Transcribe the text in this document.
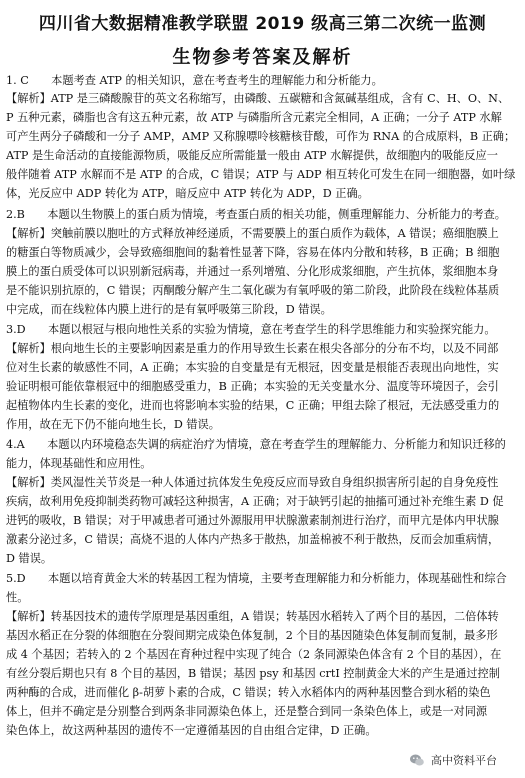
四川省大数据精准教学联盟 2019 级高三第二次统一监测
生物参考答案及解析
1. C　　本题考查 ATP 的相关知识，意在考查考生的理解能力和分析能力。
【解析】ATP 是三磷酸腺苷的英文名称缩写，由磷酸、五碳糖和含氮碱基组成，含有 C、H、O、N、
P 五种元素，磷脂也含有这五种元素，故 ATP 与磷脂所含元素完全相同，A 正确；一分子 ATP 水解
可产生两分子磷酸和一分子 AMP，AMP 又称腺嘌呤核糖核苷酸，可作为 RNA 的合成原料，B 正确；
ATP 是生命活动的直接能源物质，吸能反应所需能量一般由 ATP 水解提供，故细胞内的吸能反应一
般伴随着 ATP 水解而不是 ATP 的合成，C 错误；ATP 与 ADP 相互转化可发生在同一细胞器，如叶绿
体，光反应中 ADP 转化为 ATP，暗反应中 ATP 转化为 ADP，D 正确。
2.B　　本题以生物膜上的蛋白质为情境，考查蛋白质的相关功能，侧重理解能力、分析能力的考查。
【解析】突触前膜以胞吐的方式释放神经递质，不需要膜上的蛋白质作为载体，A 错误；癌细胞膜上
的糖蛋白等物质减少，会导致癌细胞间的黏着性显著下降，容易在体内分散和转移，B 正确；B 细胞
膜上的蛋白质受体可以识别新冠病毒，并通过一系列增殖、分化形成浆细胞，产生抗体，浆细胞本身
是不能识别抗原的，C 错误；丙酮酸分解产生二氧化碳为有氧呼吸的第二阶段，此阶段在线粒体基质
中完成，而在线粒体内膜上进行的是有氧呼吸第三阶段，D 错误。
3.D　　本题以根冠与根向地性关系的实验为情境，意在考查学生的科学思维能力和实验探究能力。
【解析】根向地生长的主要影响因素是重力的作用导致生长素在根尖各部分的分布不均，以及不同部
位对生长素的敏感性不同，A 正确；本实验的自变量是有无根冠，因变量是根能否表现出向地性，实
验证明根可能依靠根冠中的细胞感受重力，B 正确；本实验的无关变量水分、温度等环境因子，会引
起植物体内生长素的变化，进而也将影响本实验的结果，C 正确；甲组去除了根冠，无法感受重力的
作用，故在无下仍不能向地生长，D 错误。
4.A　　本题以内环境稳态失调的病症治疗为情境，意在考查学生的理解能力、分析能力和知识迁移的
能力，体现基础性和应用性。
【解析】类风湿性关节炎是一种人体通过抗体发生免疫反应而导致自身组织损害所引起的自身免疫性
疾病，故利用免疫抑制类药物可减轻这种损害，A 正确；对于缺钙引起的抽搐可通过补充维生素 D 促
进钙的吸收，B 错误；对于甲减患者可通过外源服用甲状腺激素制剂进行治疗，而甲亢是体内甲状腺
激素分泌过多，C 错误；高烧不退的人体内产热多于散热，加盖棉被不利于散热，反而会加重病情，
D 错误。
5.D　　本题以培育黄金大米的转基因工程为情境，主要考查理解能力和分析能力，体现基础性和综合
性。
【解析】转基因技术的遗传学原理是基因重组，A 错误；转基因水稻转入了两个目的基因，二倍体转
基因水稻正在分裂的体细胞在分裂间期完成染色体复制，2 个目的基因随染色体复制而复制，最多形
成 4 个基因；若转入的 2 个基因在育种过程中实现了纯合（2 条同源染色体含有 2 个目的基因），在
有丝分裂后期也只有 8 个目的基因，B 错误；基因 psy 和基因 crtI 控制黄金大米的产生是通过控制
两种酶的合成，进而催化 β-胡萝卜素的合成，C 错误；转入水稻体内的两种基因整合到水稻的染色
体上，但并不确定是分别整合到两条非同源染色体上，还是整合到同一条染色体上，或是一对同源
染色体上，故这两种基因的遗传不一定遵循基因的自由组合定律，D 正确。
高中资料平台
